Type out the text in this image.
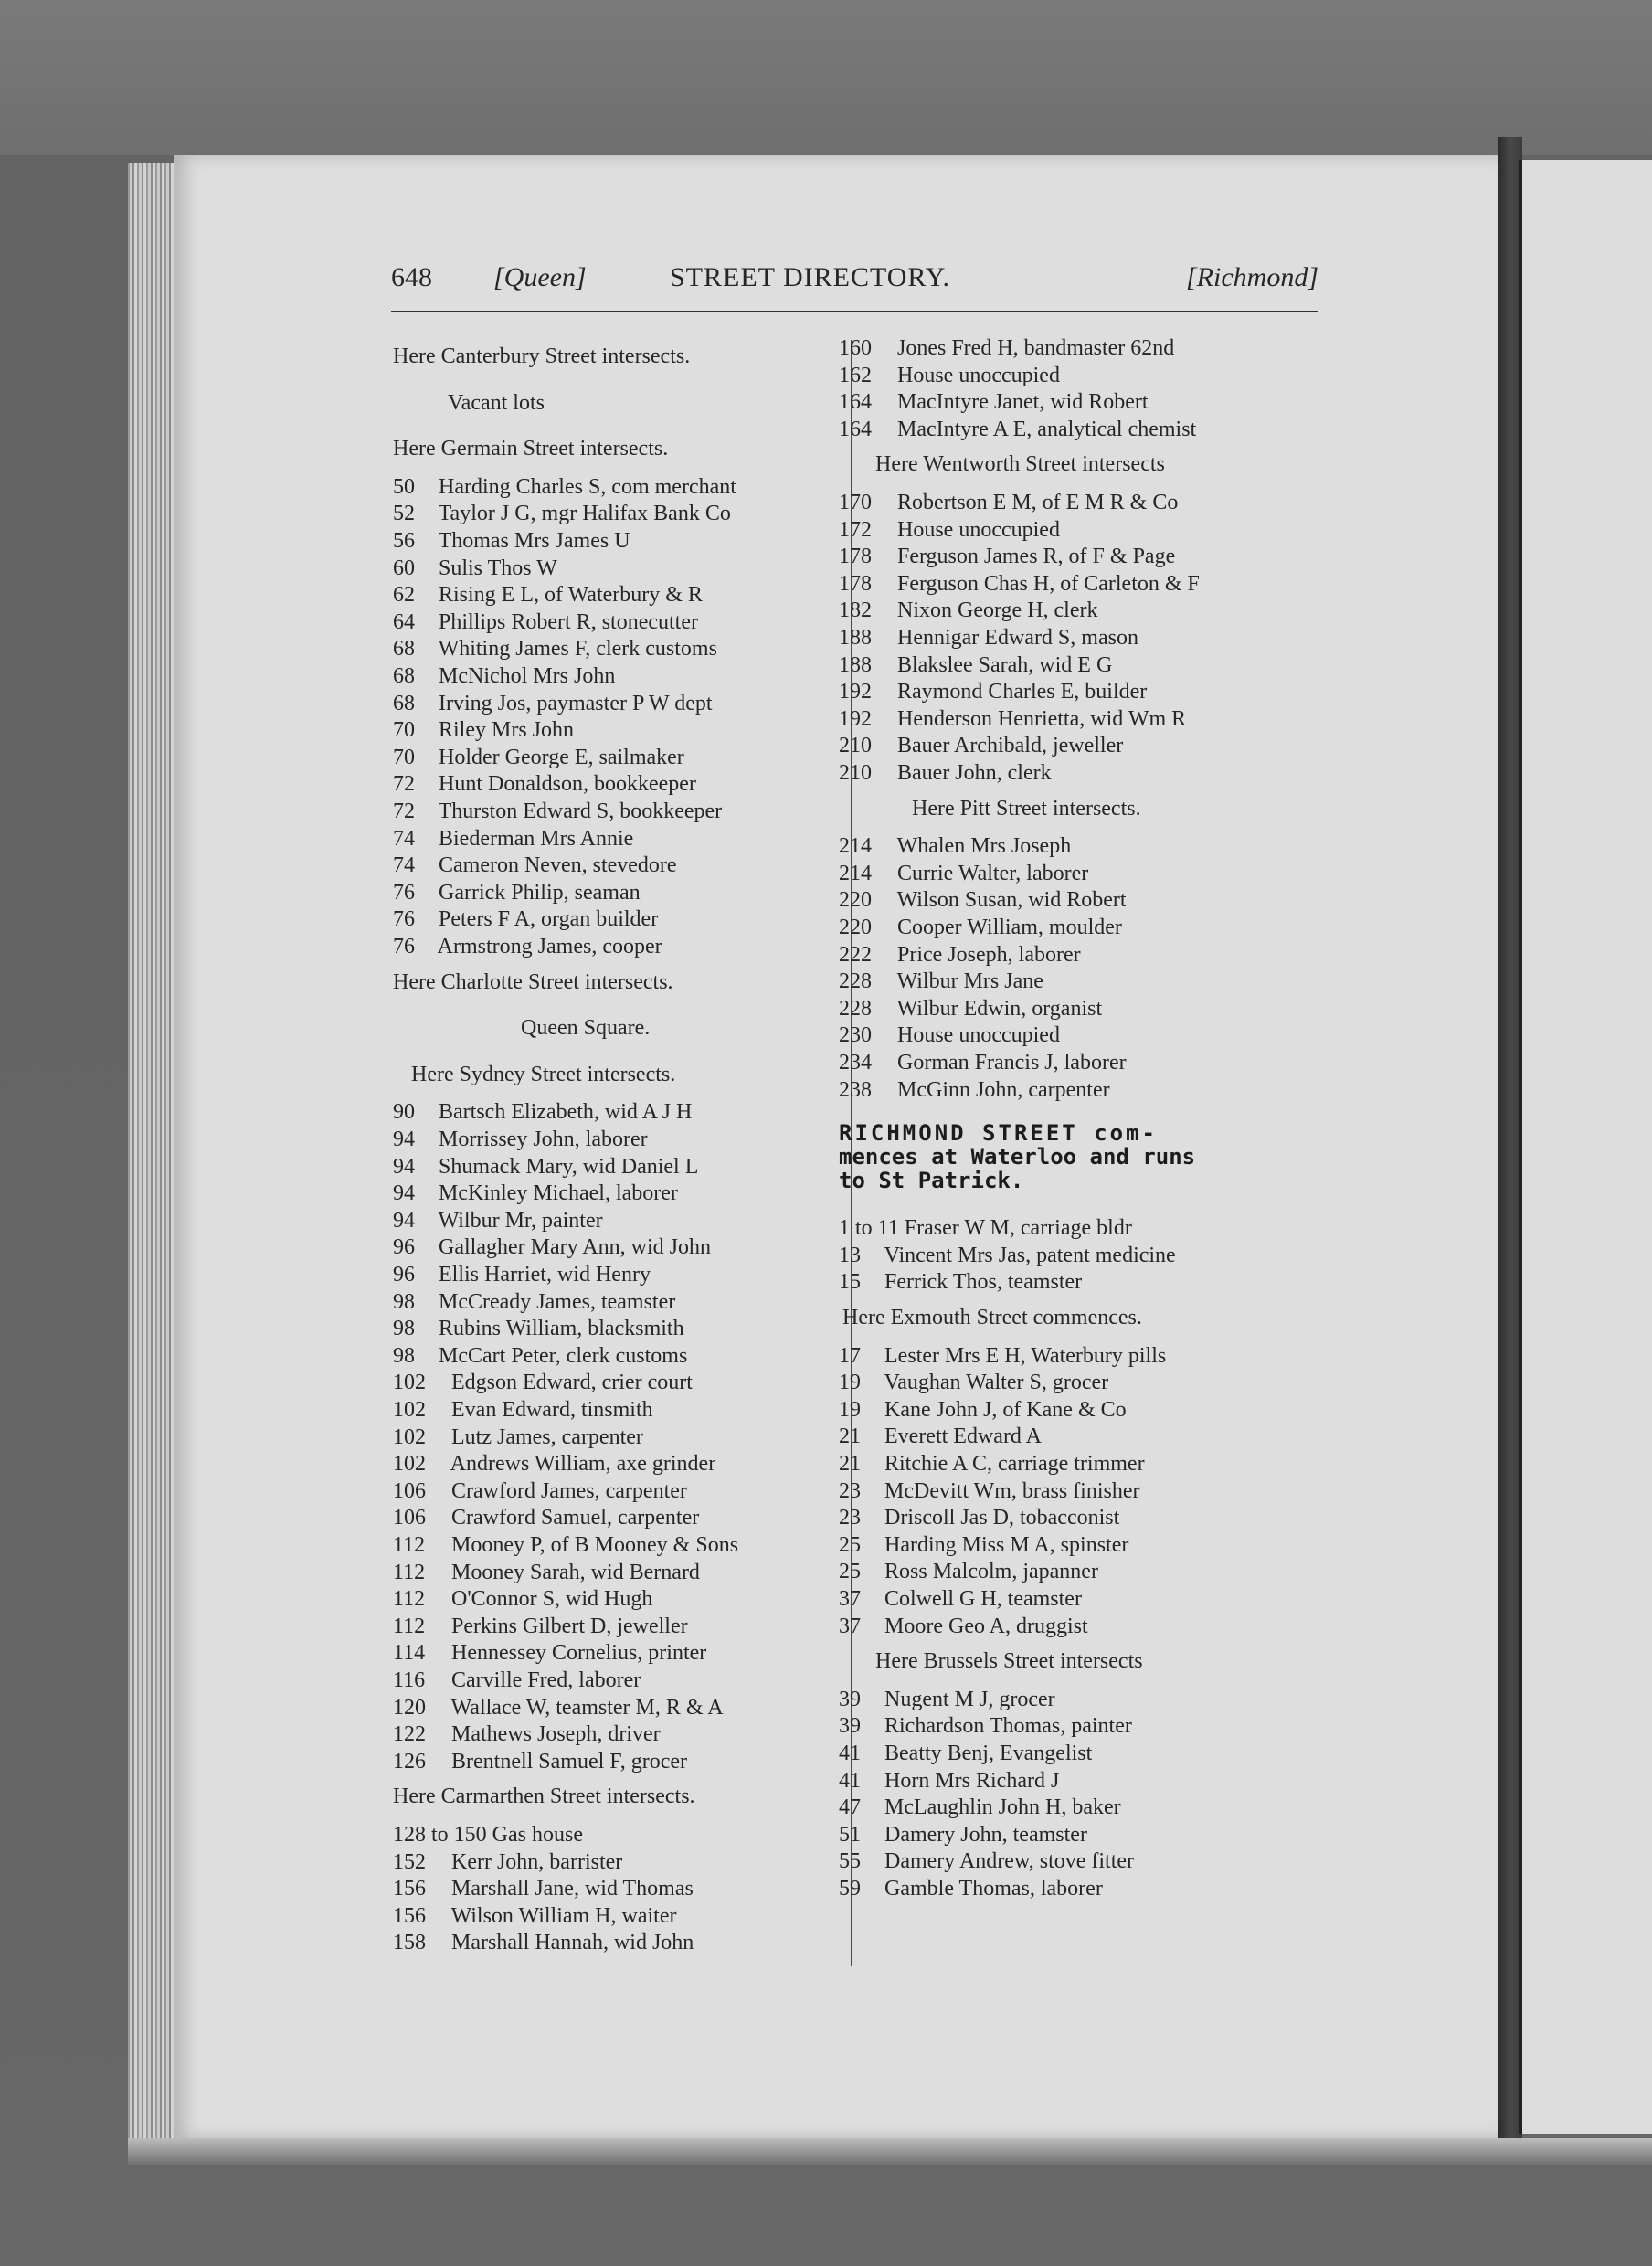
648 [Queen]	STREET DIRECTORY.	[Richmond]
Here Canterbury Street intersects.
Vacant lots
Here Germain Street intersects.
50 Harding Charles S, com merchant
52 Taylor J G, mgr Halifax Bank Co
56 Thomas Mrs James U
60 Sulis Thos W
62 Rising E L, of Waterbury & R
64 Phillips Robert R, stonecutter
68 Whiting James F, clerk customs
68 McNichol Mrs John
68 Irving Jos, paymaster P W dept
70 Riley Mrs John
70 Holder George E, sailmaker
72 Hunt Donaldson, bookkeeper
72 Thurston Edward S, bookkeeper
74 Biederman Mrs Annie
74 Cameron Neven, stevedore
76 Garrick Philip, seaman
76 Peters F A, organ builder
76 Armstrong James, cooper
Here Charlotte Street intersects.
Queen Square.
Here Sydney Street intersects.
90 Bartsch Elizabeth, wid A J H
94 Morrissey John, laborer
94 Shumack Mary, wid Daniel L
94 McKinley Michael, laborer
94 Wilbur Mr, painter
96 Gallagher Mary Ann, wid John
96 Ellis Harriet, wid Henry
98 McCready James, teamster
98 Rubins William, blacksmith
98 McCart Peter, clerk customs
102 Edgson Edward, crier court
102 Evan Edward, tinsmith
102 Lutz James, carpenter
102 Andrews William, axe grinder
106 Crawford James, carpenter
106 Crawford Samuel, carpenter
112 Mooney P, of B Mooney & Sons
112 Mooney Sarah, wid Bernard
112 O'Connor S, wid Hugh
112 Perkins Gilbert D, jeweller
114 Hennessey Cornelius, printer
116 Carville Fred, laborer
120 Wallace W, teamster M, R & A
122 Mathews Joseph, driver
126 Brentnell Samuel F, grocer
Here Carmarthen Street intersects.
128 to 150 Gas house
152 Kerr John, barrister
156 Marshall Jane, wid Thomas
156 Wilson William H, waiter
158 Marshall Hannah, wid John
160 Jones Fred H, bandmaster 62nd
162 House unoccupied
164 MacIntyre Janet, wid Robert
164 MacIntyre A E, analytical chemist
Here Wentworth Street intersects
170 Robertson E M, of E M R & Co
172 House unoccupied
178 Ferguson James R, of F & Page
178 Ferguson Chas H, of Carleton & F
182 Nixon George H, clerk
188 Hennigar Edward S, mason
188 Blakslee Sarah, wid E G
192 Raymond Charles E, builder
192 Henderson Henrietta, wid Wm R
210 Bauer Archibald, jeweller
210 Bauer John, clerk
Here Pitt Street intersects.
214 Whalen Mrs Joseph
214 Currie Walter, laborer
220 Wilson Susan, wid Robert
220 Cooper William, moulder
222 Price Joseph, laborer
228 Wilbur Mrs Jane
228 Wilbur Edwin, organist
230 House unoccupied
234 Gorman Francis J, laborer
238 McGinn John, carpenter
RICHMOND STREET com-
mences at Waterloo and runs
to St Patrick.
1 to 11 Fraser W M, carriage bldr
13 Vincent Mrs Jas, patent medicine
15 Ferrick Thos, teamster
Here Exmouth Street commences.
17 Lester Mrs E H, Waterbury pills
19 Vaughan Walter S, grocer
19 Kane John J, of Kane & Co
21 Everett Edward A
21 Ritchie A C, carriage trimmer
23 McDevitt Wm, brass finisher
23 Driscoll Jas D, tobacconist
25 Harding Miss M A, spinster
25 Ross Malcolm, japanner
37 Colwell G H, teamster
37 Moore Geo A, druggist
Here Brussels Street intersects
39 Nugent M J, grocer
39 Richardson Thomas, painter
41 Beatty Benj, Evangelist
41 Horn Mrs Richard J
47 McLaughlin John H, baker
51 Damery John, teamster
55 Damery Andrew, stove fitter
59 Gamble Thomas, laborer
